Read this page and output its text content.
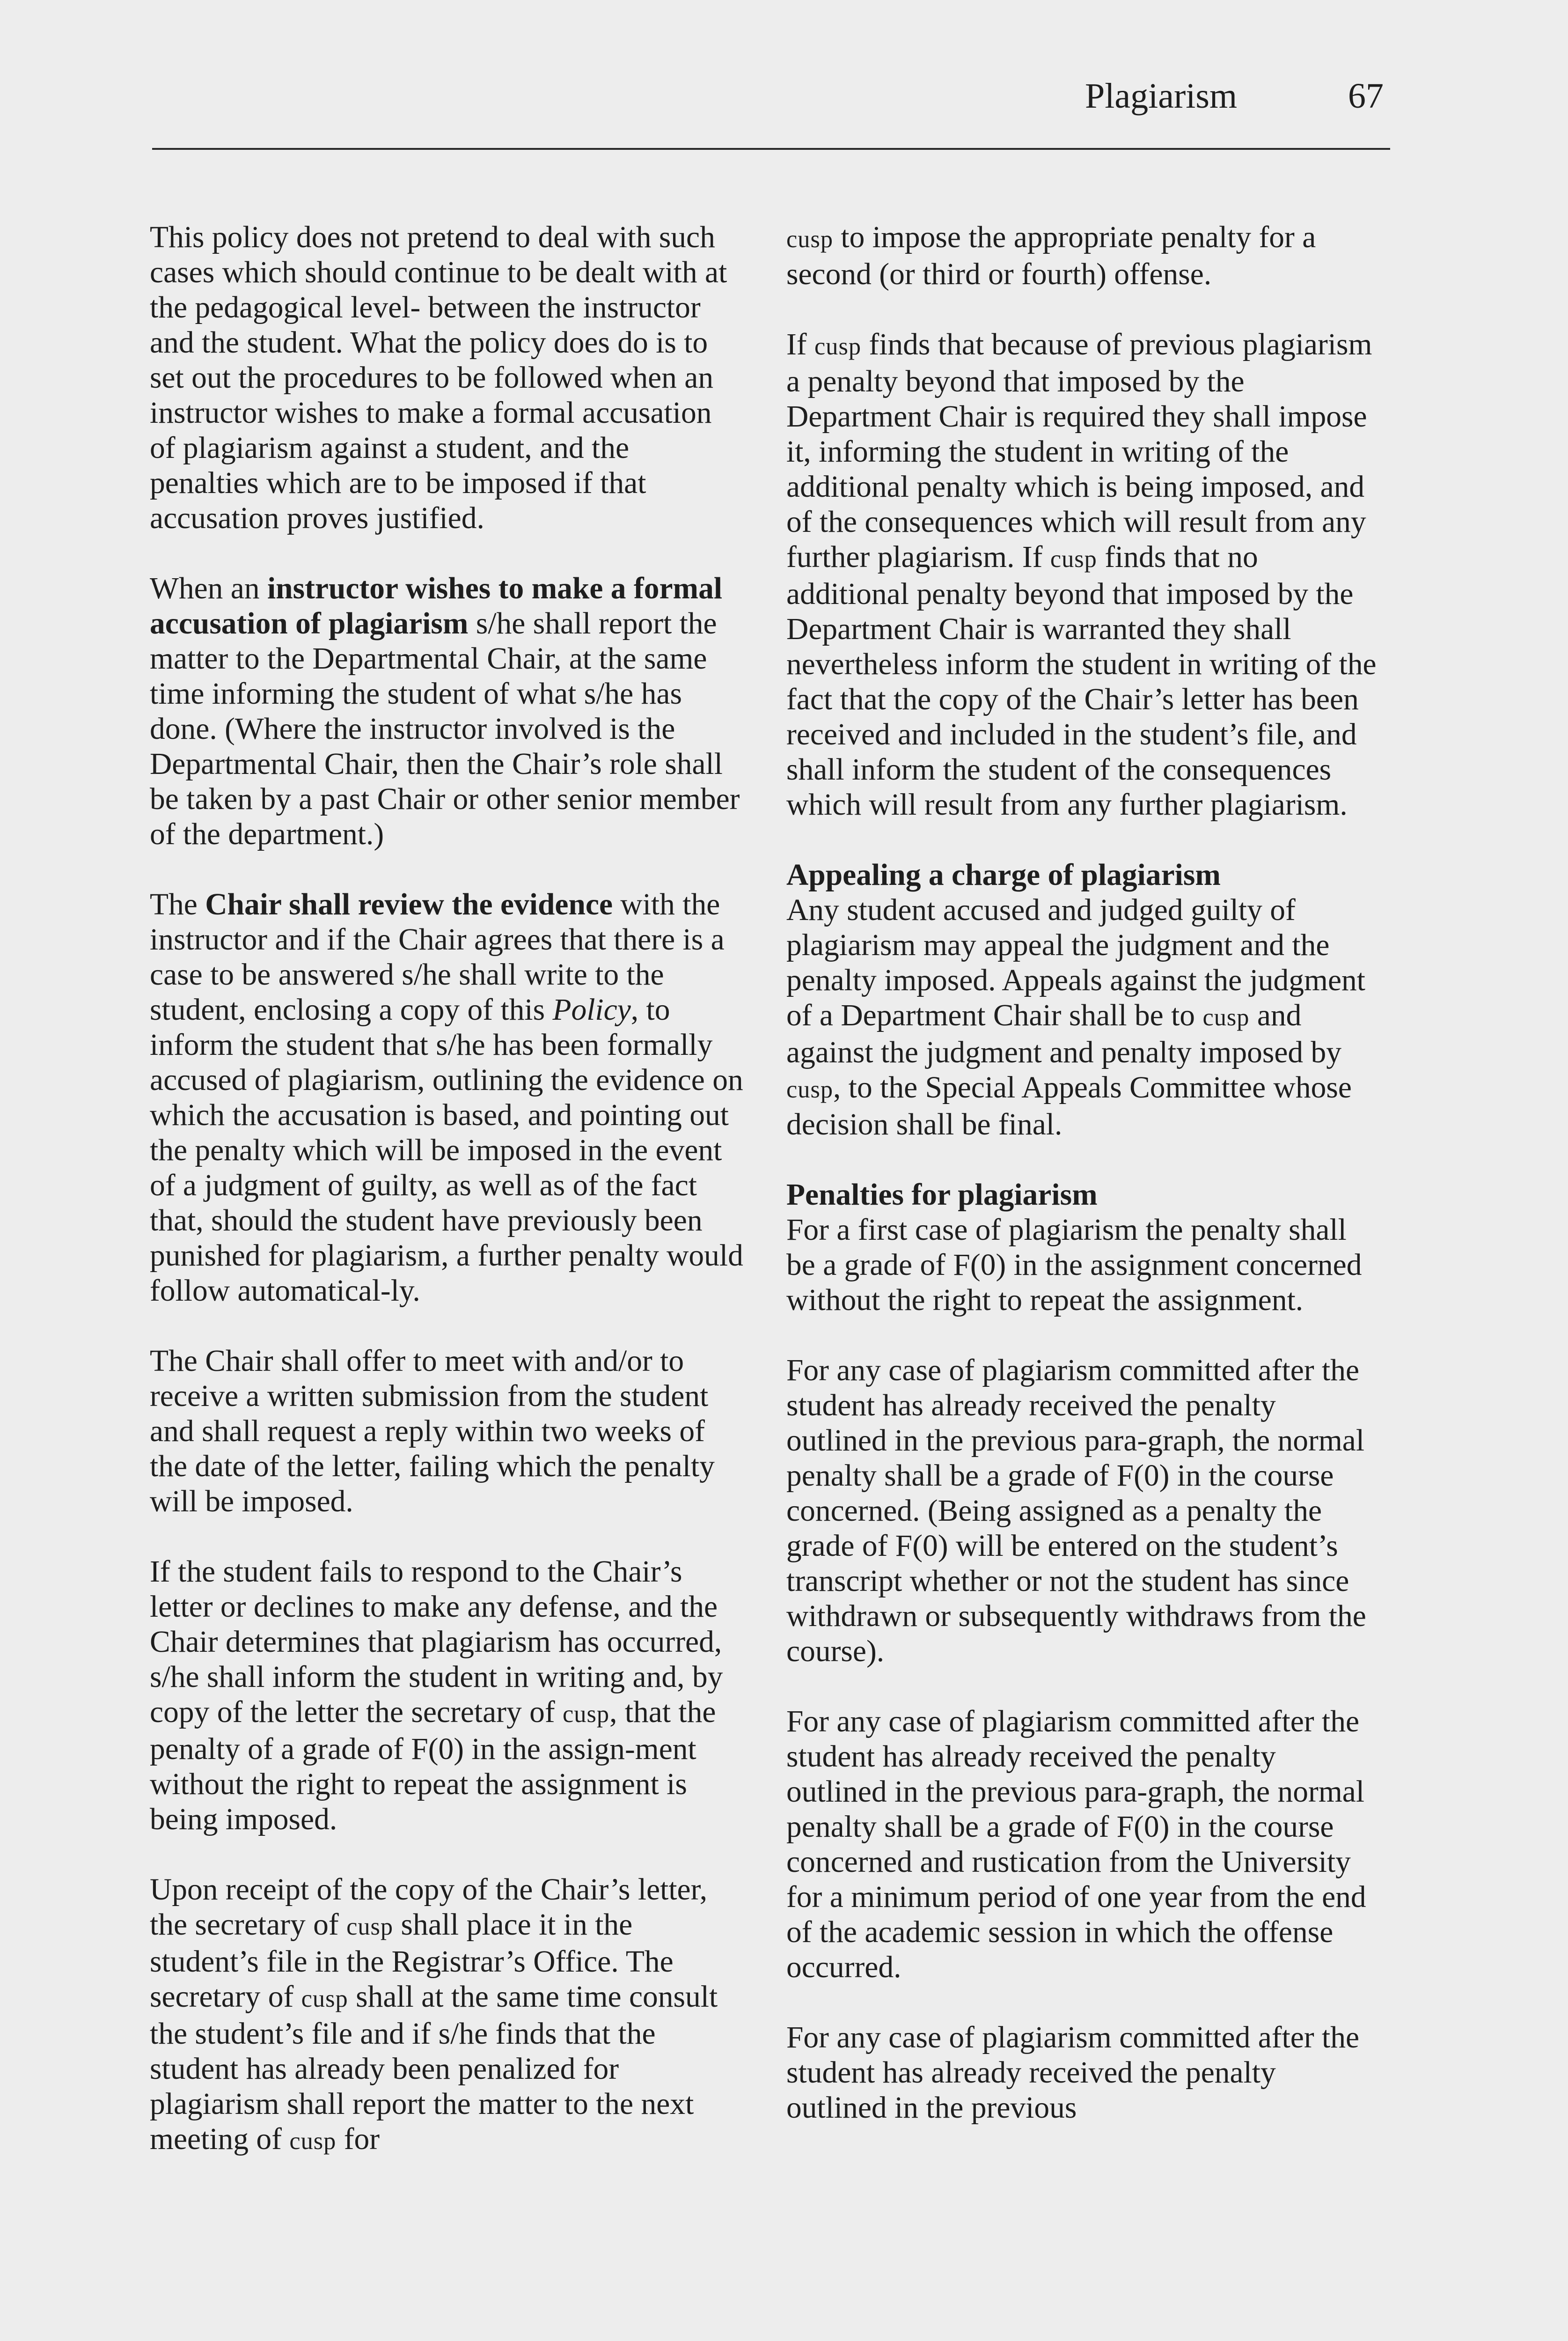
Plagiarism	67

This policy does not pretend to deal with such cases which should continue to be dealt with at the pedagogical level- between the instructor and the student. What the policy does do is to set out the procedures to be followed when an instructor wishes to make a formal accusation of plagiarism against a student, and the penalties which are to be imposed if that accusation proves justified.

When an instructor wishes to make a formal accusation of plagiarism s/he shall report the matter to the Departmental Chair, at the same time informing the student of what s/he has done. (Where the instructor involved is the Departmental Chair, then the Chair’s role shall be taken by a past Chair or other senior member of the department.)

The Chair shall review the evidence with the instructor and if the Chair agrees that there is a case to be answered s/he shall write to the student, enclosing a copy of this Policy, to inform the student that s/he has been formally accused of plagiarism, outlining the evidence on which the accusation is based, and pointing out the penalty which will be imposed in the event of a judgment of guilty, as well as of the fact that, should the student have previously been punished for plagiarism, a further penalty would follow automatical-ly.

The Chair shall offer to meet with and/or to receive a written submission from the student and shall request a reply within two weeks of the date of the letter, failing which the penalty will be imposed.

If the student fails to respond to the Chair’s letter or declines to make any defense, and the Chair determines that plagiarism has occurred, s/he shall inform the student in writing and, by copy of the letter the secretary of cusp, that the penalty of a grade of F(0) in the assign-ment without the right to repeat the assignment is being imposed.

Upon receipt of the copy of the Chair’s letter, the secretary of cusp shall place it in the student’s file in the Registrar’s Office. The secretary of cusp shall at the same time consult the student’s file and if s/he finds that the student has already been penalized for plagiarism shall report the matter to the next meeting of cusp for

cusp to impose the appropriate penalty for a second (or third or fourth) offense.

If cusp finds that because of previous plagiarism a penalty beyond that imposed by the Department Chair is required they shall impose it, informing the student in writing of the additional penalty which is being imposed, and of the consequences which will result from any further plagiarism. If cusp finds that no additional penalty beyond that imposed by the Department Chair is warranted they shall nevertheless inform the student in writing of the fact that the copy of the Chair’s letter has been received and included in the student’s file, and shall inform the student of the consequences which will result from any further plagiarism.

Appealing a charge of plagiarism

Any student accused and judged guilty of plagiarism may appeal the judgment and the penalty imposed. Appeals against the judgment of a Department Chair shall be to cusp and against the judgment and penalty imposed by cusp, to the Special Appeals Committee whose decision shall be final.

Penalties for plagiarism

For a first case of plagiarism the penalty shall be a grade of F(0) in the assignment concerned without the right to repeat the assignment.

For any case of plagiarism committed after the student has already received the penalty outlined in the previous para-graph, the normal penalty shall be a grade of F(0) in the course concerned. (Being assigned as a penalty the grade of F(0) will be entered on the student’s transcript whether or not the student has since withdrawn or subsequently withdraws from the course).

For any case of plagiarism committed after the student has already received the penalty outlined in the previous para-graph, the normal penalty shall be a grade of F(0) in the course concerned and rustication from the University for a minimum period of one year from the end of the academic session in which the offense occurred.

For any case of plagiarism committed after the student has already received the penalty outlined in the previous
